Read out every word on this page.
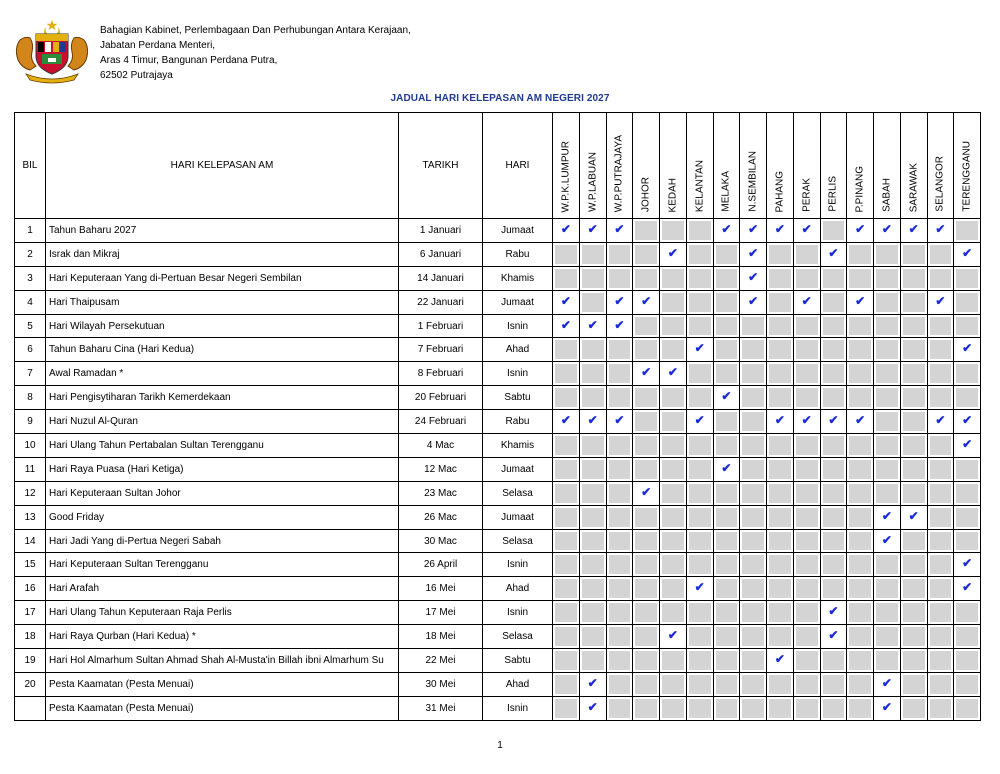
Bahagian Kabinet, Perlembagaan Dan Perhubungan Antara Kerajaan,
Jabatan Perdana Menteri,
Aras 4 Timur, Bangunan Perdana Putra,
62502 Putrajaya
JADUAL HARI KELEPASAN AM NEGERI 2027
BIL	HARI KELEPASAN AM	TARIKH	HARI	W.P.K.LUMPUR	W.P.LABUAN	W.P.PUTRAJAYA	JOHOR	KEDAH	KELANTAN	MELAKA	N.SEMBILAN	PAHANG	PERAK	PERLIS	P.PINANG	SABAH	SARAWAK	SELANGOR	TERENGGANU

1	Tahun Baharu 2027	1 Januari	Jumaat	✔	✔	✔				✔	✔	✔	✔		✔	✔	✔	✔	

2	Israk dan Mikraj	6 Januari	Rabu					✔			✔			✔					✔

3	Hari Keputeraan Yang di-Pertuan Besar Negeri Sembilan	14 Januari	Khamis								✔								

4	Hari Thaipusam	22 Januari	Jumaat	✔		✔	✔				✔		✔		✔			✔	

5	Hari Wilayah Persekutuan	1 Februari	Isnin	✔	✔	✔													

6	Tahun Baharu Cina (Hari Kedua)	7 Februari	Ahad						✔										✔

7	Awal Ramadan *	8 Februari	Isnin				✔	✔											

8	Hari Pengisytiharan Tarikh Kemerdekaan	20 Februari	Sabtu							✔									

9	Hari Nuzul Al-Quran	24 Februari	Rabu	✔	✔	✔			✔			✔	✔	✔	✔			✔	✔

10	Hari Ulang Tahun Pertabalan Sultan Terengganu	4 Mac	Khamis																✔

11	Hari Raya Puasa (Hari Ketiga)	12 Mac	Jumaat							✔									

12	Hari Keputeraan Sultan Johor	23 Mac	Selasa				✔												

13	Good Friday	26 Mac	Jumaat													✔	✔		

14	Hari Jadi Yang di-Pertua Negeri Sabah	30 Mac	Selasa													✔			

15	Hari Keputeraan Sultan Terengganu	26 April	Isnin																✔

16	Hari Arafah	16 Mei	Ahad						✔										✔

17	Hari Ulang Tahun Keputeraan Raja Perlis	17 Mei	Isnin											✔					

18	Hari Raya Qurban (Hari Kedua) *	18 Mei	Selasa					✔						✔					

19	Hari Hol Almarhum Sultan Ahmad Shah Al-Musta'in Billah ibni Almarhum Su	22 Mei	Sabtu									✔							

20	Pesta Kaamatan (Pesta Menuai)	30 Mei	Ahad		✔											✔			

	Pesta Kaamatan (Pesta Menuai)	31 Mei	Isnin		✔											✔			

1
